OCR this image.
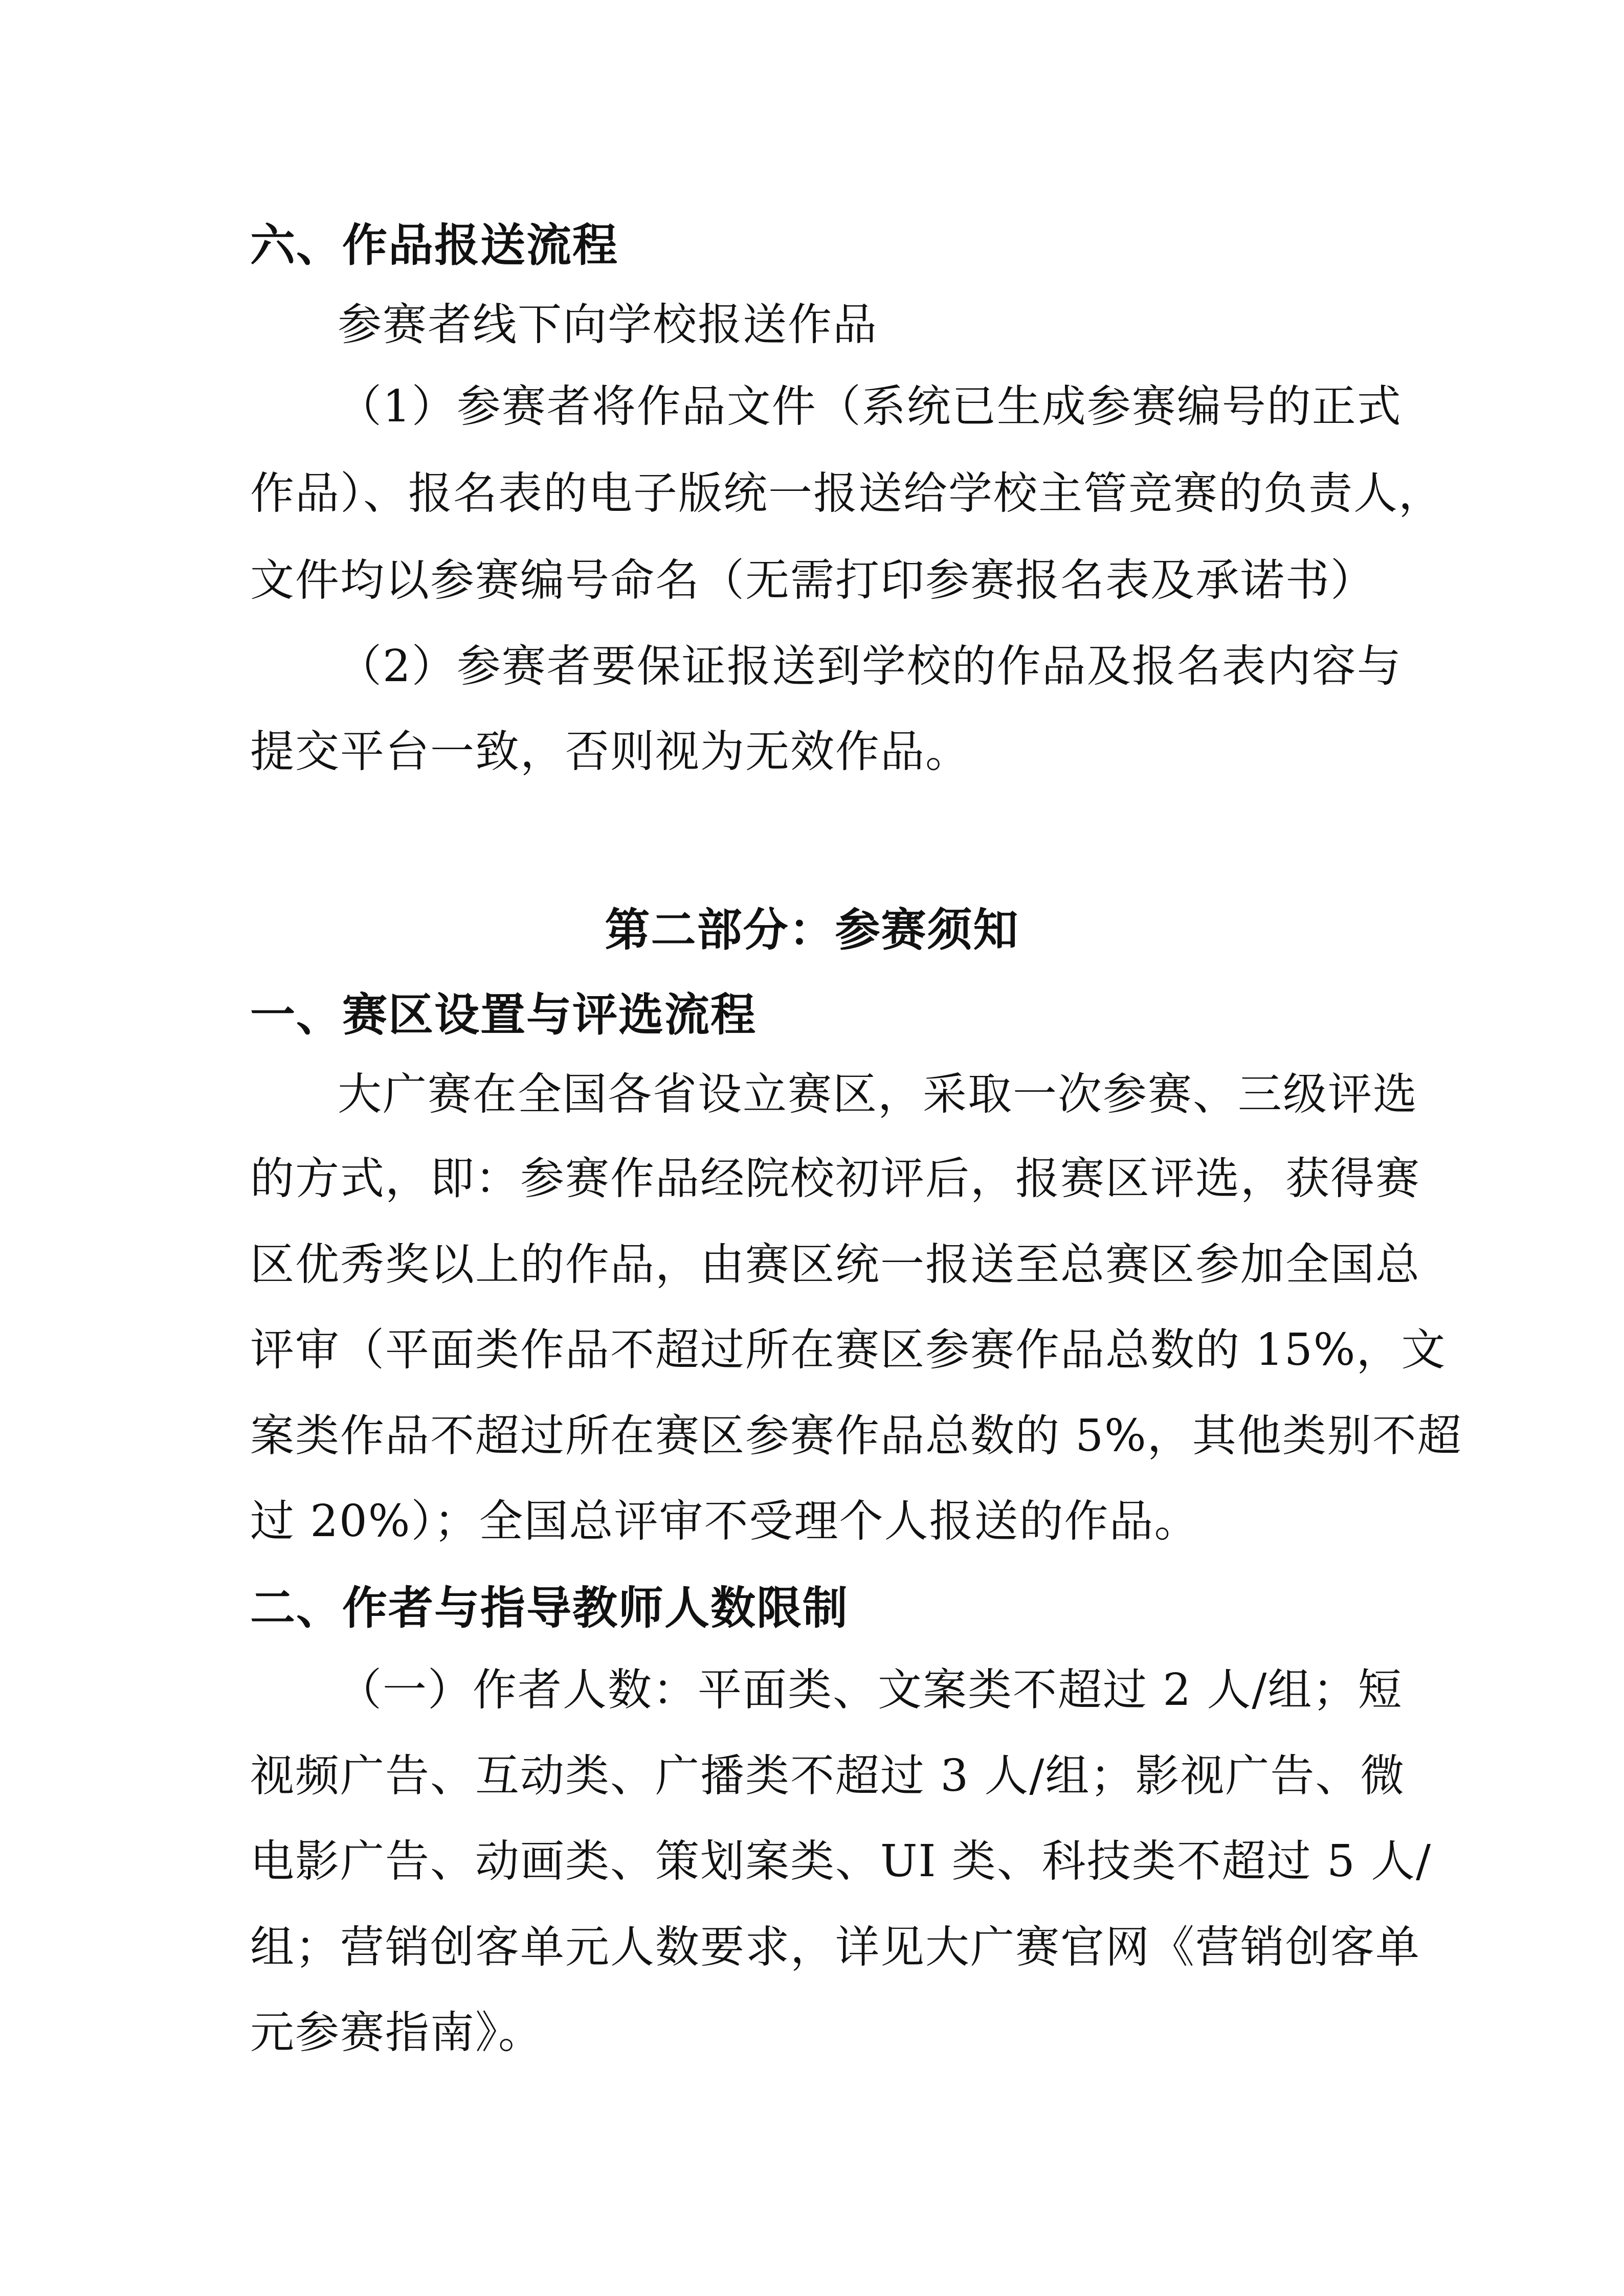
六、作品报送流程

参赛者线下向学校报送作品

（1）参赛者将作品文件（系统已生成参赛编号的正式

作品）、报名表的电子版统一报送给学校主管竞赛的负责人，

文件均以参赛编号命名（无需打印参赛报名表及承诺书）

（2）参赛者要保证报送到学校的作品及报名表内容与

提交平台一致，否则视为无效作品。

第二部分：参赛须知

一、赛区设置与评选流程

大广赛在全国各省设立赛区，采取一次参赛、三级评选

的方式，即：参赛作品经院校初评后，报赛区评选，获得赛

区优秀奖以上的作品，由赛区统一报送至总赛区参加全国总

评审（平面类作品不超过所在赛区参赛作品总数的 15%，文

案类作品不超过所在赛区参赛作品总数的 5%，其他类别不超

过 20%）；全国总评审不受理个人报送的作品。

二、作者与指导教师人数限制

（一）作者人数：平面类、文案类不超过 2 人/组；短

视频广告、互动类、广播类不超过 3 人/组；影视广告、微

电影广告、动画类、策划案类、UI 类、科技类不超过 5 人/

组；营销创客单元人数要求，详见大广赛官网《营销创客单

元参赛指南》。
